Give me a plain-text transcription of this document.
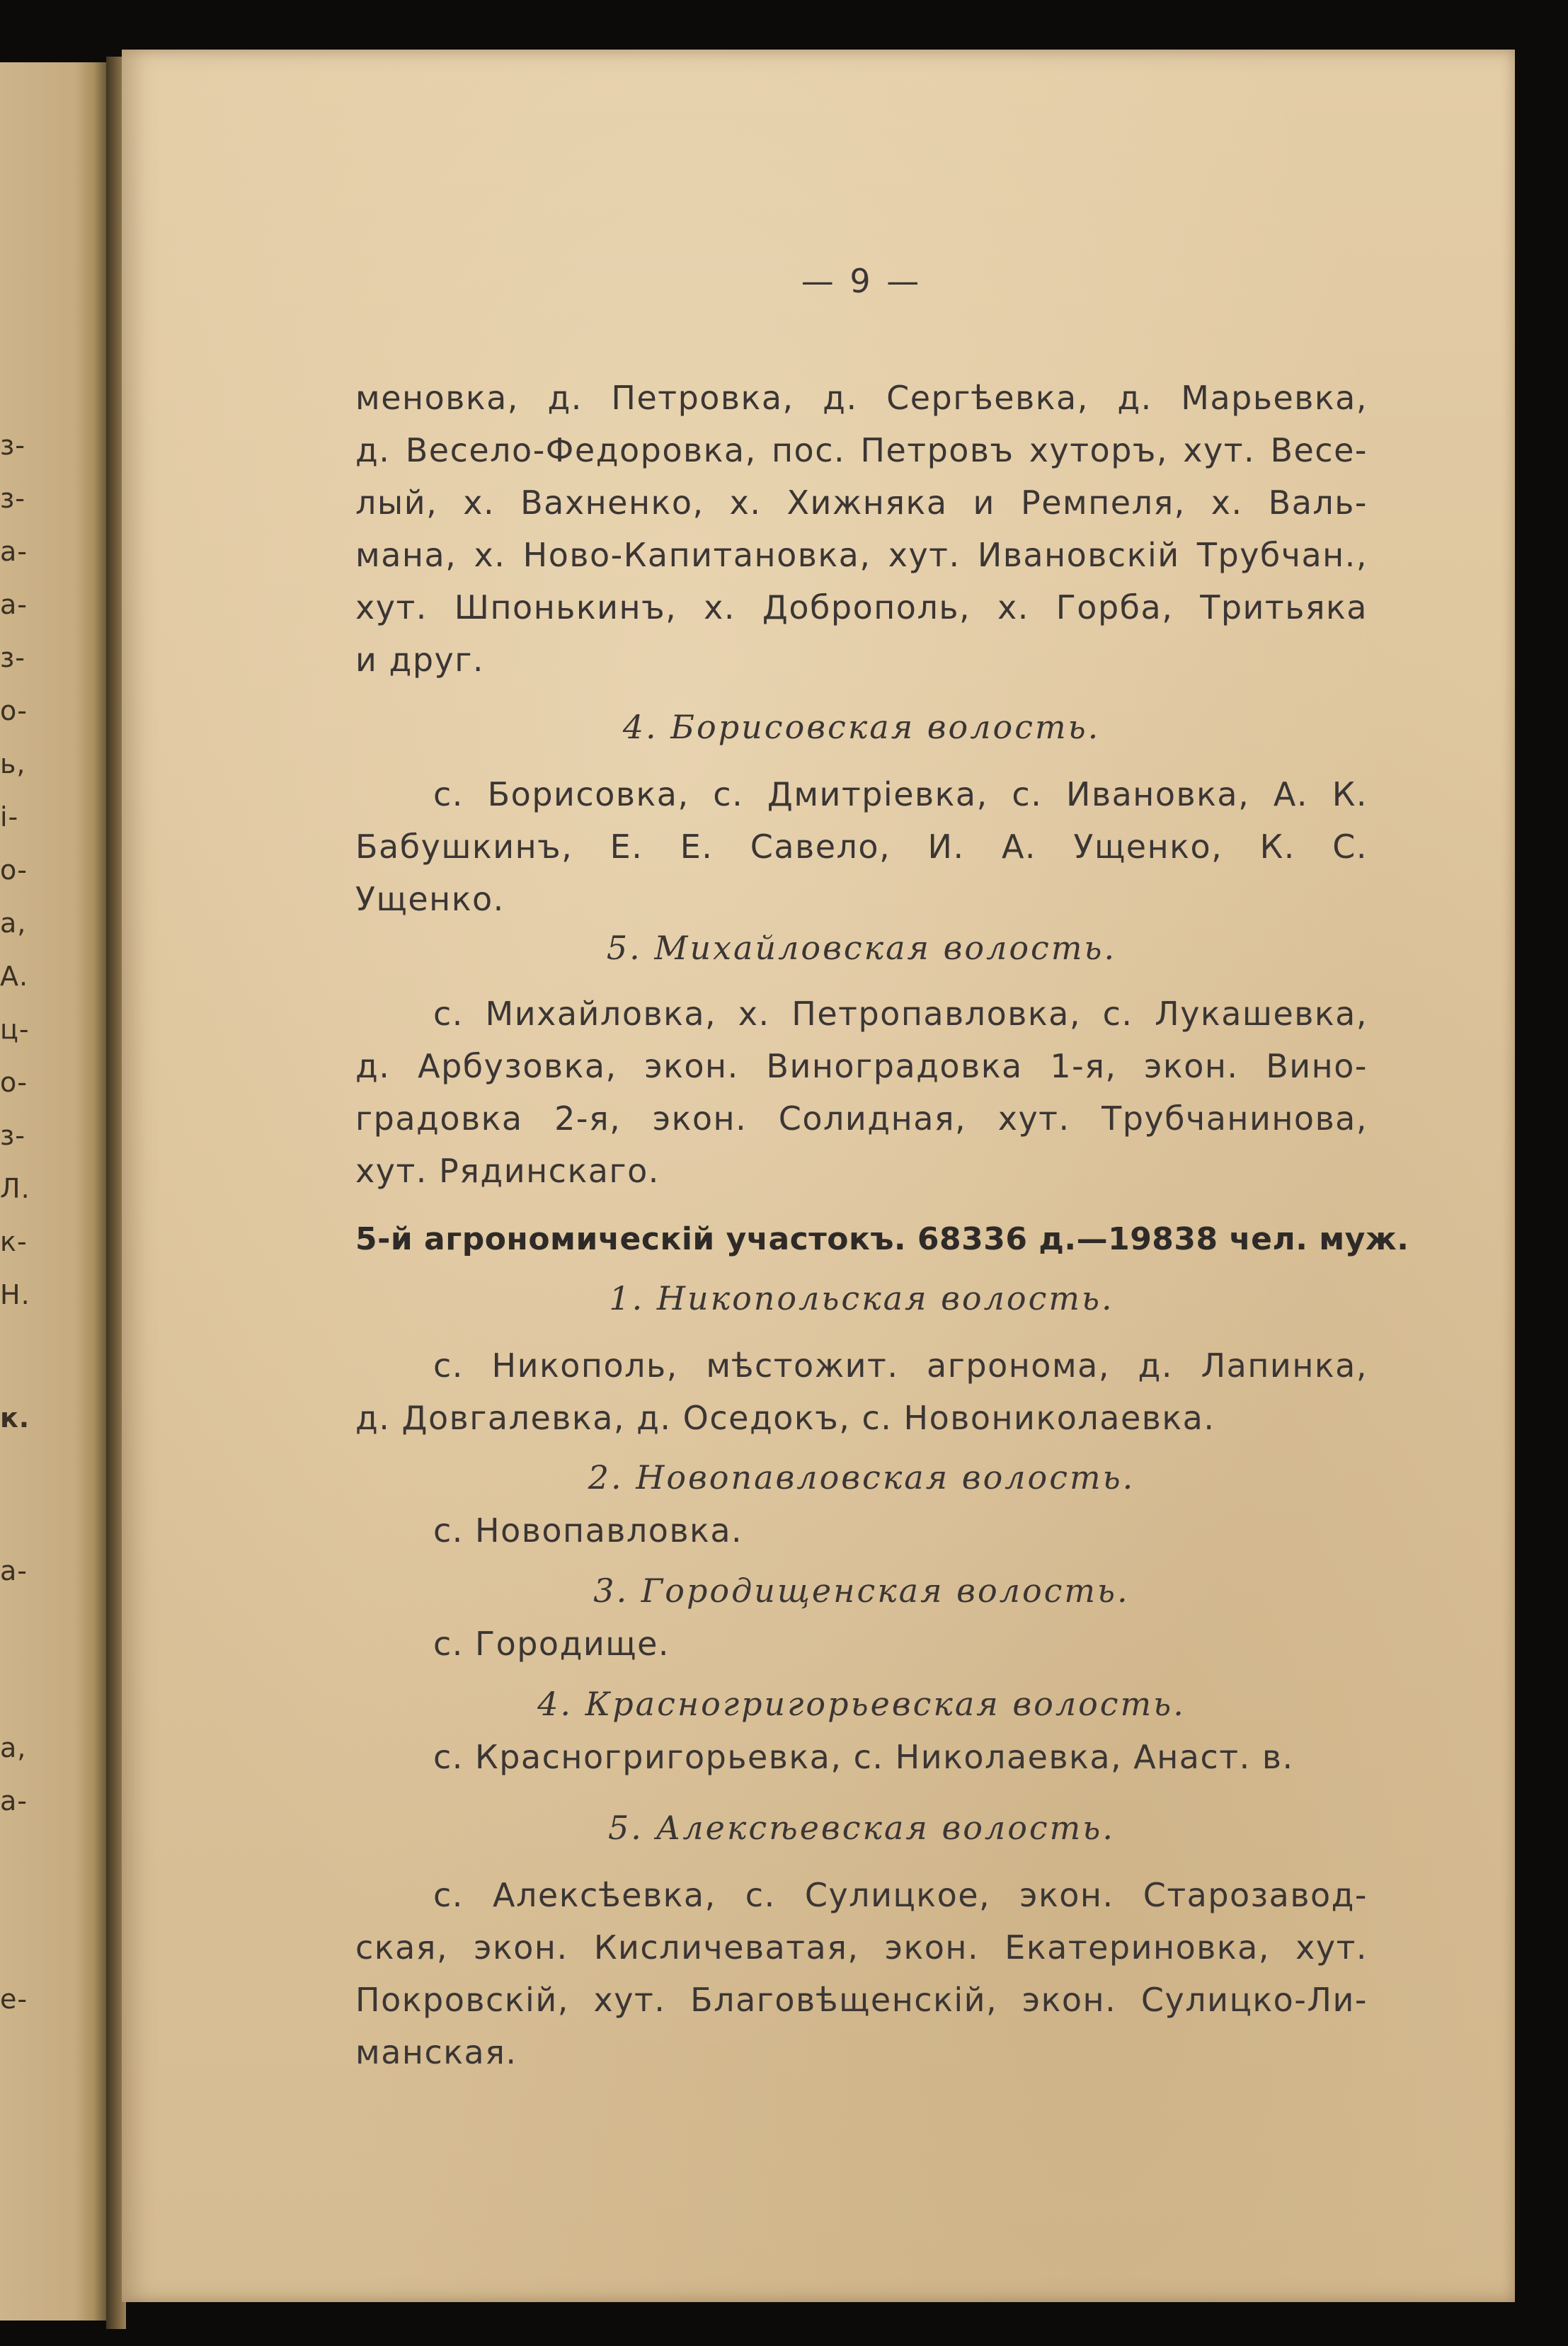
з-
з-
а-
а-
з-
о-
ь,
і-
о-
а,
А.
ц-
о-
з-
Л.
к-
Н.
к.
а-
а,
а-
е-
— 9 —
меновка, д. Петровка, д. Сергѣевка, д. Марьевка,
д. Весело-Федоровка, пос. Петровъ хуторъ, хут. Весе-
лый, х. Вахненко, х. Хижняка и Ремпеля, х. Валь-
мана, х. Ново-Капитановка, хут. Ивановскій Трубчан.,
хут. Шпонькинъ, х. Доброполь, х. Горба, Тритьяка
и друг.
4. Борисовская волость.
с. Борисовка, с. Дмитріевка, с. Ивановка, А. К.
Бабушкинъ, Е. Е. Савело, И. А. Ущенко, К. С.
Ущенко.
5. Михайловская волость.
с. Михайловка, х. Петропавловка, с. Лукашевка,
д. Арбузовка, экон. Виноградовка 1-я, экон. Вино-
градовка 2-я, экон. Солидная, хут. Трубчанинова,
хут. Рядинскаго.
5-й агрономическій участокъ. 68336 д.—19838 чел. муж.
1. Никопольская волость.
с. Никополь, мѣстожит. агронома, д. Лапинка,
д. Довгалевка, д. Оседокъ, с. Новониколаевка.
2. Новопавловская волость.
с. Новопавловка.
3. Городищенская волость.
с. Городище.
4. Красногригорьевская волость.
с. Красногригорьевка, с. Николаевка, Анаст. в.
5. Алексѣевская волость.
с. Алексѣевка, с. Сулицкое, экон. Старозавод-
ская, экон. Кисличеватая, экон. Екатериновка, хут.
Покровскій, хут. Благовѣщенскій, экон. Сулицко-Ли-
манская.
